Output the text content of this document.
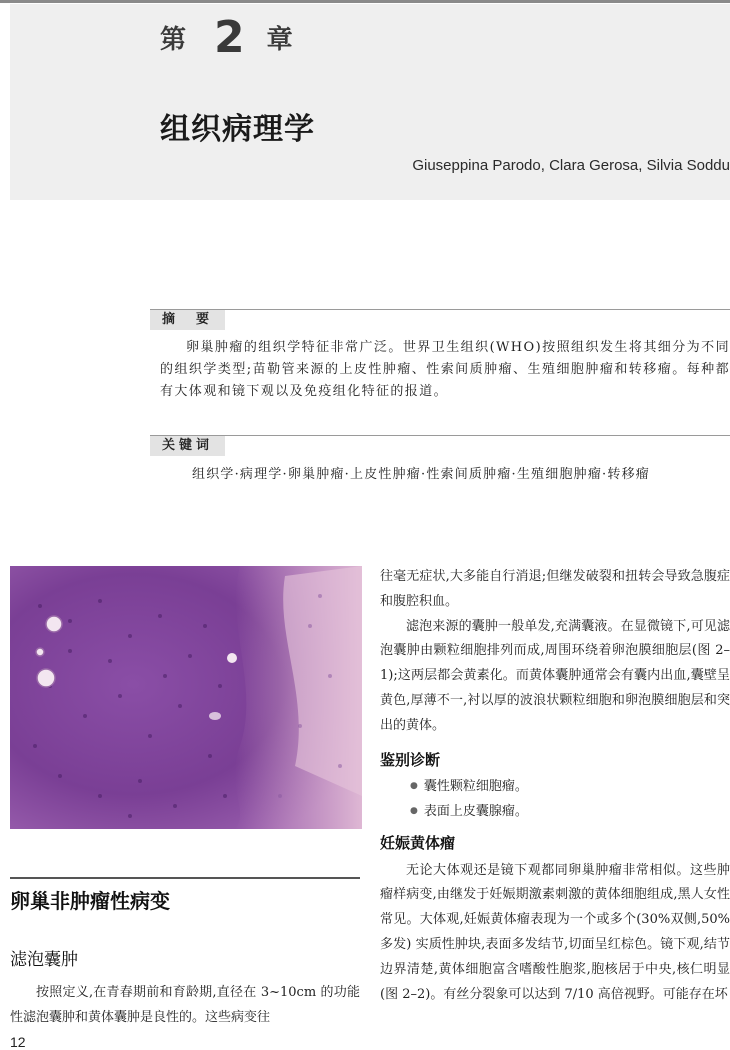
第 2 章
组织病理学
Giuseppina Parodo, Clara Gerosa, Silvia Soddu
摘　要

卵巢肿瘤的组织学特征非常广泛。世界卫生组织(WHO)按照组织发生将其细分为不同的组织学类型;苗勒管来源的上皮性肿瘤、性索间质肿瘤、生殖细胞肿瘤和转移瘤。每种都有大体观和镜下观以及免疫组化特征的报道。

关键词

组织学·病理学·卵巢肿瘤·上皮性肿瘤·性索间质肿瘤·生殖细胞肿瘤·转移瘤

卵巢非肿瘤性病变
滤泡囊肿

按照定义,在青春期前和育龄期,直径在 3~10cm 的功能性滤泡囊肿和黄体囊肿是良性的。这些病变往

往毫无症状,大多能自行消退;但继发破裂和扭转会导致急腹症和腹腔积血。

滤泡来源的囊肿一般单发,充满囊液。在显微镜下,可见滤泡囊肿由颗粒细胞排列而成,周围环绕着卵泡膜细胞层(图 2–1);这两层都会黄素化。而黄体囊肿通常会有囊内出血,囊壁呈黄色,厚薄不一,衬以厚的波浪状颗粒细胞和卵泡膜细胞层和突出的黄体。

鉴别诊断
● 囊性颗粒细胞瘤。
● 表面上皮囊腺瘤。
妊娠黄体瘤

无论大体观还是镜下观都同卵巢肿瘤非常相似。这些肿瘤样病变,由继发于妊娠期激素刺激的黄体细胞组成,黑人女性常见。大体观,妊娠黄体瘤表现为一个或多个(30%双侧,50%多发) 实质性肿块,表面多发结节,切面呈红棕色。镜下观,结节边界清楚,黄体细胞富含嗜酸性胞浆,胞核居于中央,核仁明显(图 2–2)。有丝分裂象可以达到 7/10 高倍视野。可能存在坏

12
